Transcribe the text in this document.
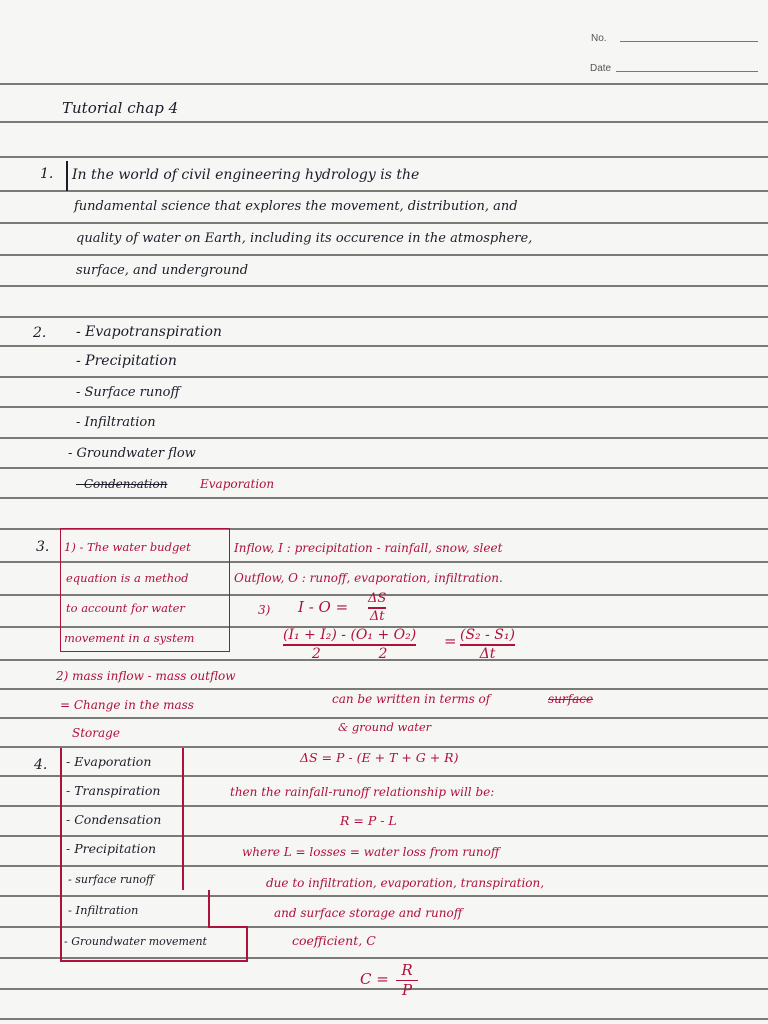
No.
Date
Tutorial chap 4
1. In the world of civil engineering hydrology is the
fundamental science that explores the movement, distribution, and
quality of water on Earth, including its occurence in the atmosphere,
surface, and underground
2. - Evapotranspiration
- Precipitation
- Surface runoff
- Infiltration
- Groundwater flow
- Condensation	Evaporation
3. 1) - The water budget
equation is a method
to account for water
movement in a system
Inflow, I : precipitation - rainfall, snow, sleet
Outflow, O : runoff, evaporation, infiltration.
3) I - O = ΔS
Δt
(I₁ + I₂) - (O₁ + O₂)
2	2
= (S₂ - S₁)
Δt
2) mass inflow - mass outflow
= Change in the mass
Storage
can be written in terms of	surface
& ground water
4. - Evaporation
- Transpiration
- Condensation
- Precipitation
- surface runoff
- Infiltration
- Groundwater movement
ΔS = P - (E + T + G + R)
then the rainfall-runoff relationship will be:
R = P - L
where L = losses = water loss from runoff
due to infiltration, evaporation, transpiration,
and surface storage and runoff
coefficient, C
C = R
P
